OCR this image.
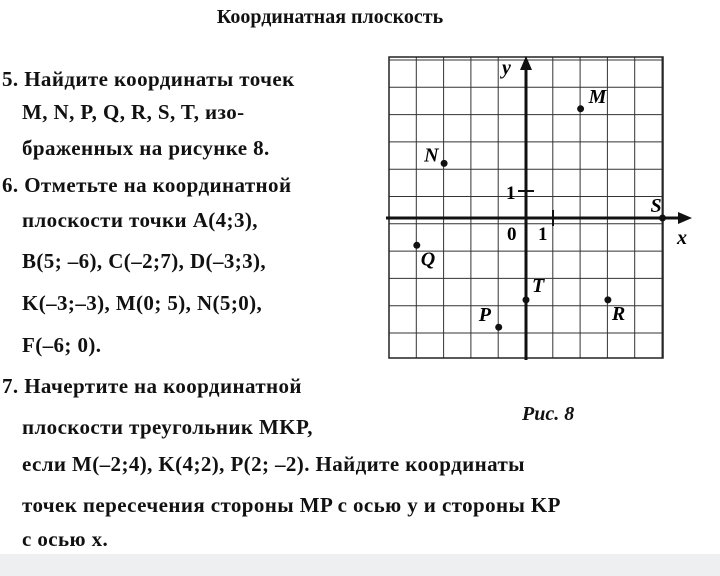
Координатная плоскость
5. Найдите координаты точек
M, N, P, Q, R, S, T, изо-
браженных на рисунке 8.
6. Отметьте на координатной
плоскости точки A(4;3),
B(5; –6), C(–2;7), D(–3;3),
K(–3;–3), M(0; 5), N(5;0),
F(–6; 0).
7. Начертите на координатной
плоскости треугольник MKP,
если M(–2;4), K(4;2), P(2; –2). Найдите координаты
точек пересечения стороны MP с осью y и стороны KP
с осью x.
Рис. 8
y
x
0 1
1
M
N
P
Q
R
S
T
